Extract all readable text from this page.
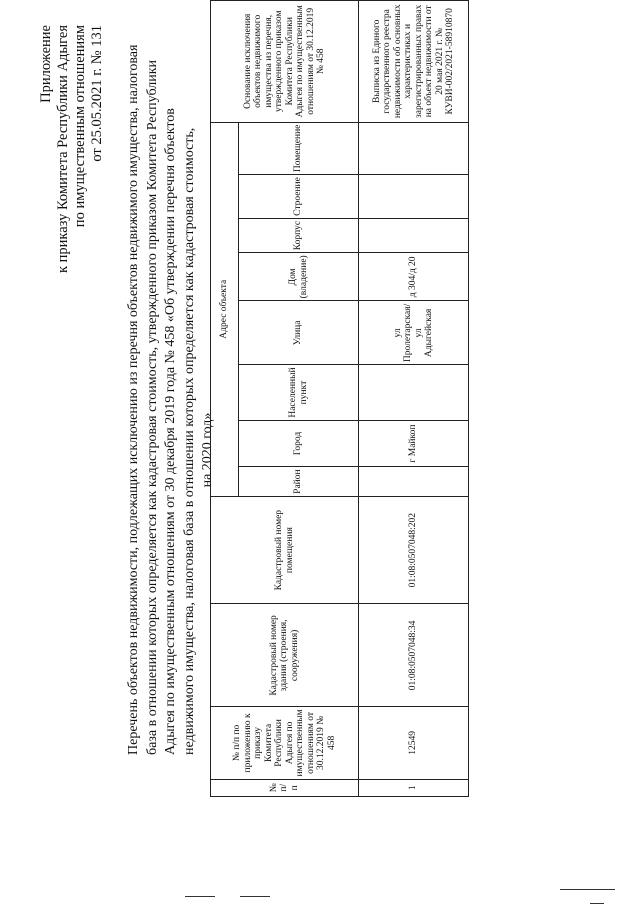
Приложение к приказу Комитета Республики Адыгея по имущественным отношениям от 25.05.2021 г. № 131 Перечень объектов недвижимости, подлежащих исключению из перечня объектов недвижимого имущества, налоговая база в отношении которых определяется как кадастровая стоимость, утвержденного приказом Комитета Республики Адыгея по имущественным отношениям от 30 декабря 2019 года № 458 «Об утверждении перечня объектов недвижимого имущества, налоговая база в отношении которых определяется как кадастровая стоимость, на 2020 год»
№ п/п	№ п/п по приложению к приказу Комитета Республики Адыгея по имущественным отношениям от 30.12.2019 № 458	Кадастровый номер здания (строения, сооружения)	Кадастровый номер помещения	Адрес объекта								Основание исключения объектов недвижимого имущества из перечня, утвержденного приказом Комитета Республики Адыгея по имущественным отношениям от 30.12.2019 № 458
				Район	Город	Населенный пункт	Улица	Дом (владение)	Корпус	Строение	Помещение	
1	12549	01:08:0507048:34	01:08:0507048:202		г Майкоп		ул Пролетарская/ул Адыгейская	д 304/д 20				Выписка из Единого государственного реестра недвижимости об основных характеристиках и зарегистрированных правах на объект недвижимости от 20 мая 2021 г. № КУВИ-002/2021-58910870
